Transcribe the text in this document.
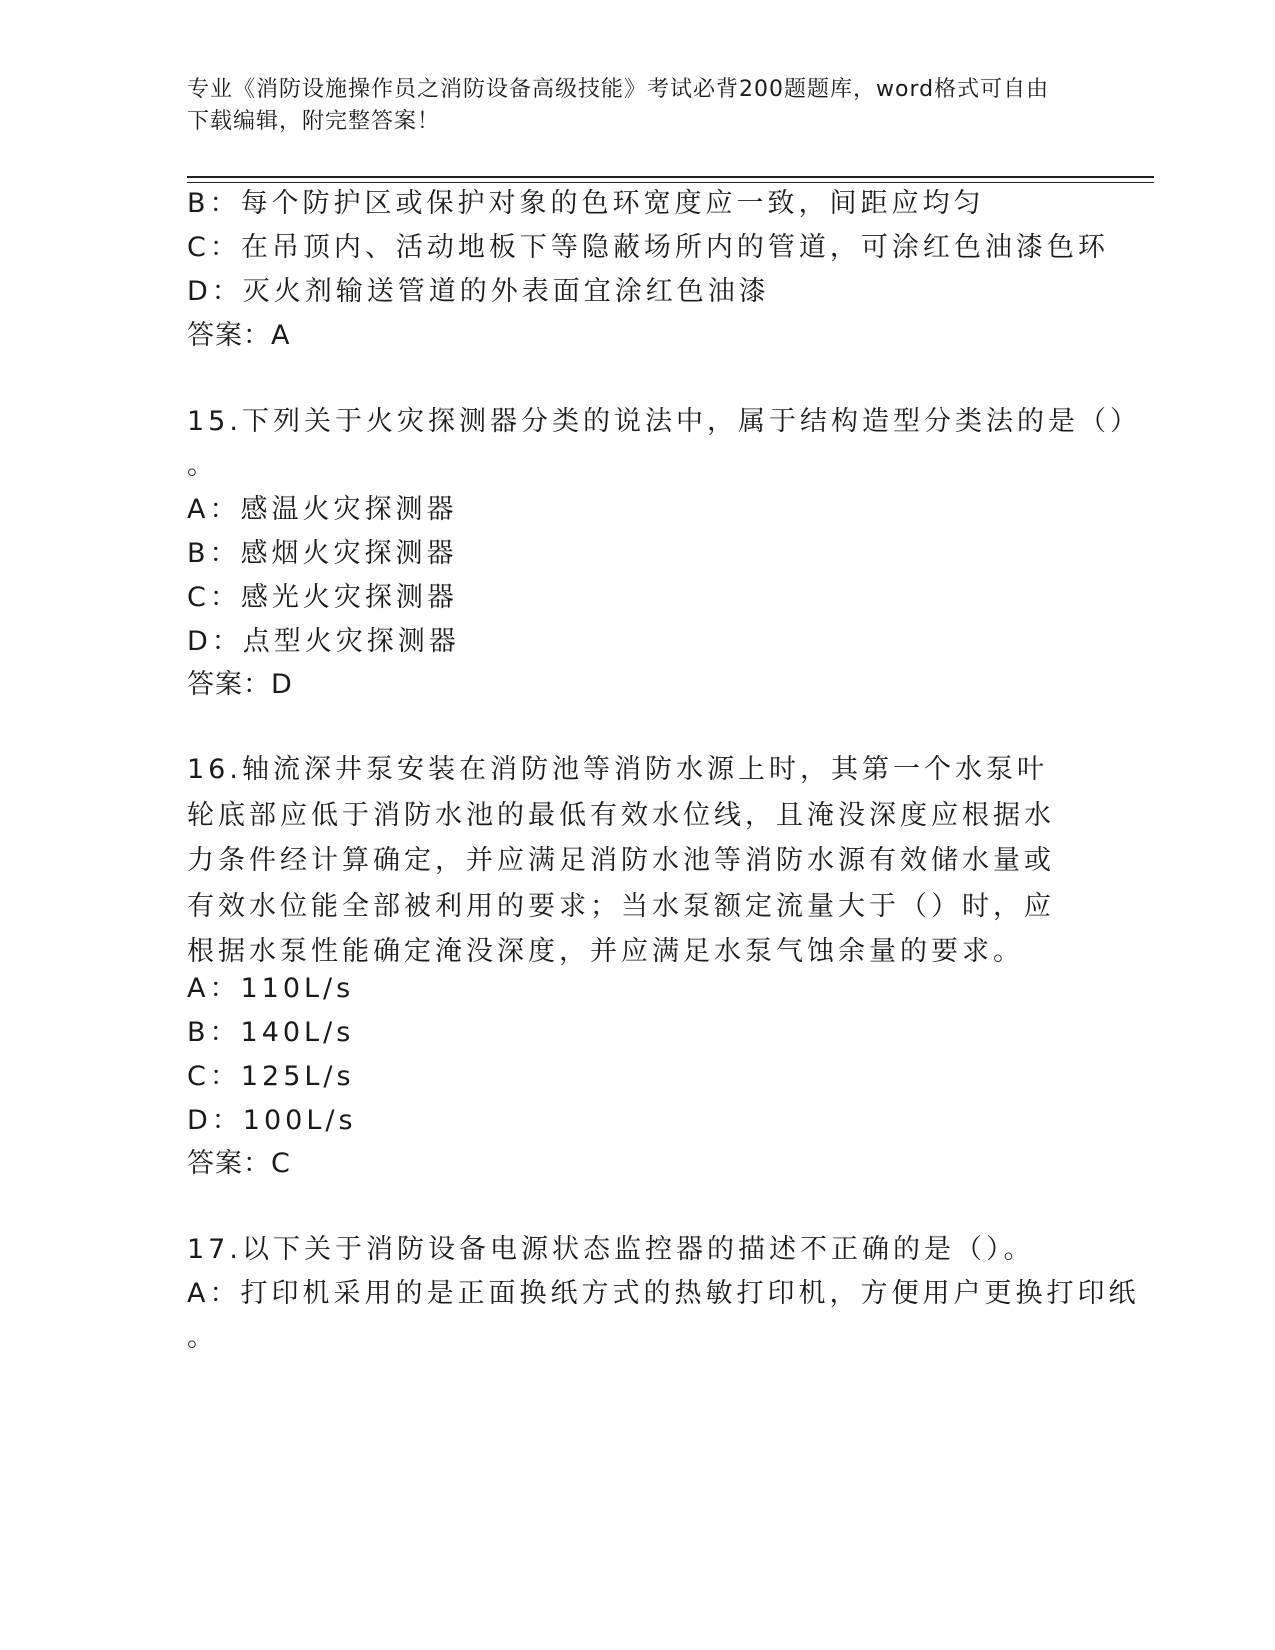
专业《消防设施操作员之消防设备高级技能》考试必背200题题库，word格式可自由下载编辑，附完整答案！
B：每个防护区或保护对象的色环宽度应一致，间距应均匀
C：在吊顶内、活动地板下等隐蔽场所内的管道，可涂红色油漆色环
D：灭火剂输送管道的外表面宜涂红色油漆
答案：A
15.下列关于火灾探测器分类的说法中，属于结构造型分类法的是（）
。
A：感温火灾探测器
B：感烟火灾探测器
C：感光火灾探测器
D：点型火灾探测器
答案：D
16.轴流深井泵安装在消防池等消防水源上时，其第一个水泵叶轮底部应低于消防水池的最低有效水位线，且淹没深度应根据水力条件经计算确定，并应满足消防水池等消防水源有效储水量或有效水位能全部被利用的要求；当水泵额定流量大于（）时，应根据水泵性能确定淹没深度，并应满足水泵气蚀余量的要求。
A：110L/s
B：140L/s
C：125L/s
D：100L/s
答案：C
17.以下关于消防设备电源状态监控器的描述不正确的是（）。
A：打印机采用的是正面换纸方式的热敏打印机，方便用户更换打印纸
。
